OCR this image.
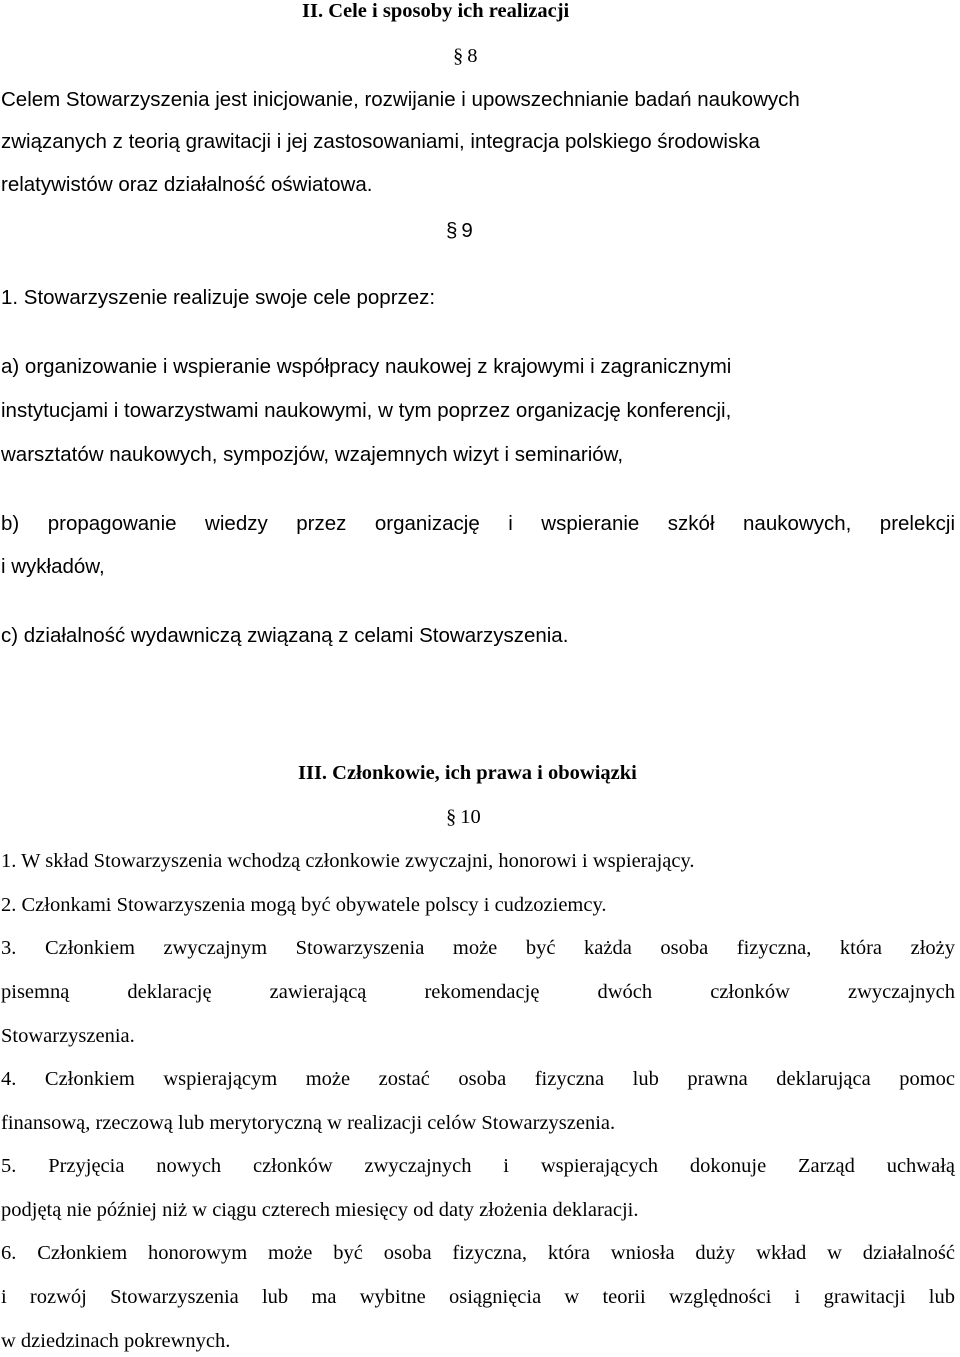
II. Cele i sposoby ich realizacji
§ 8
Celem Stowarzyszenia jest inicjowanie, rozwijanie i upowszechnianie badań naukowych
związanych z teorią grawitacji i jej zastosowaniami, integracja polskiego środowiska
relatywistów oraz działalność oświatowa.
§ 9
1. Stowarzyszenie realizuje swoje cele poprzez:
a) organizowanie i wspieranie współpracy naukowej z krajowymi i zagranicznymi
instytucjami i towarzystwami naukowymi, w tym poprzez organizację konferencji,
warsztatów naukowych, sympozjów, wzajemnych wizyt i seminariów,
b) propagowanie wiedzy przez organizację i wspieranie szkół naukowych, prelekcji
i wykładów,
c) działalność wydawniczą związaną z celami Stowarzyszenia.
III. Członkowie, ich prawa i obowiązki
§ 10
1. W skład Stowarzyszenia wchodzą członkowie zwyczajni, honorowi i wspierający.
2. Członkami Stowarzyszenia mogą być obywatele polscy i cudzoziemcy.
3. Członkiem zwyczajnym Stowarzyszenia może być każda osoba fizyczna, która złoży
pisemną deklarację zawierającą rekomendację dwóch członków zwyczajnych
Stowarzyszenia.
4. Członkiem wspierającym może zostać osoba fizyczna lub prawna deklarująca pomoc
finansową, rzeczową lub merytoryczną w realizacji celów Stowarzyszenia.
5. Przyjęcia nowych członków zwyczajnych i wspierających dokonuje Zarząd uchwałą
podjętą nie później niż w ciągu czterech miesięcy od daty złożenia deklaracji.
6. Członkiem honorowym może być osoba fizyczna, która wniosła duży wkład w działalność
i rozwój Stowarzyszenia lub ma wybitne osiągnięcia w teorii względności i grawitacji lub
w dziedzinach pokrewnych.
